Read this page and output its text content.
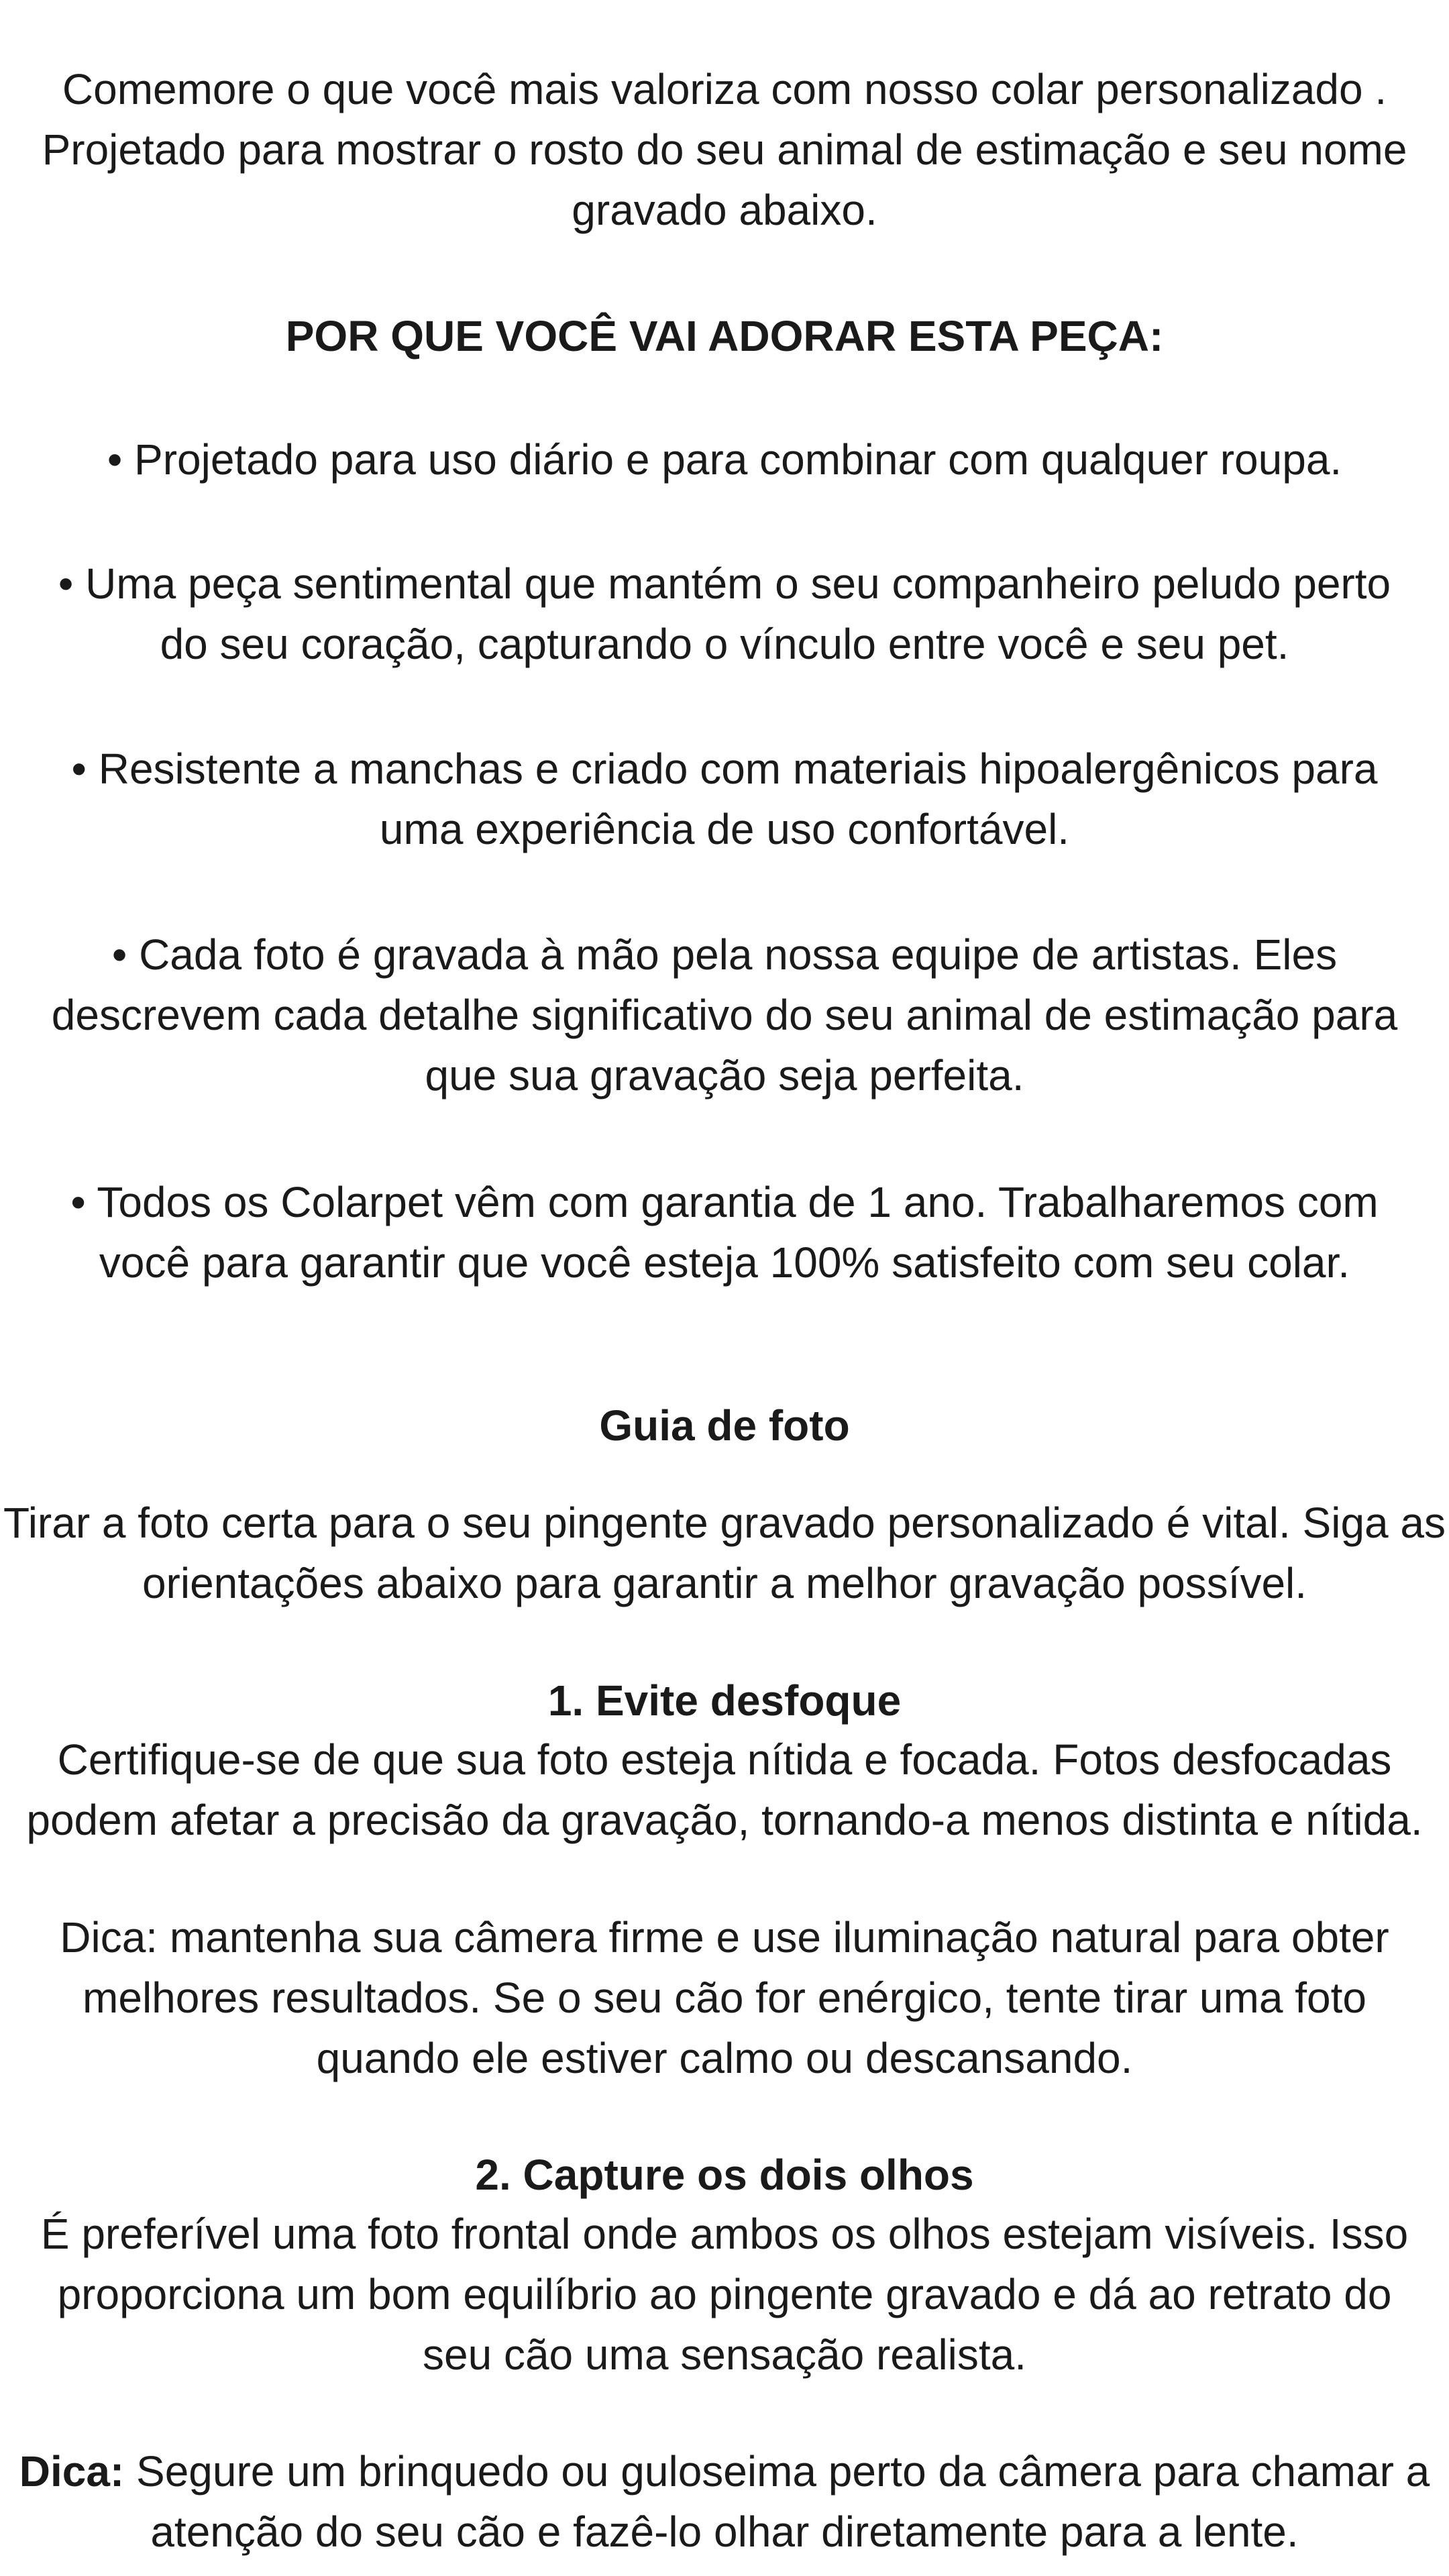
Comemore o que você mais valoriza com nosso colar personalizado .
Projetado para mostrar o rosto do seu animal de estimação e seu nome
gravado abaixo.
POR QUE VOCÊ VAI ADORAR ESTA PEÇA:
• Projetado para uso diário e para combinar com qualquer roupa.
• Uma peça sentimental que mantém o seu companheiro peludo perto
do seu coração, capturando o vínculo entre você e seu pet.
• Resistente a manchas e criado com materiais hipoalergênicos para
uma experiência de uso confortável.
• Cada foto é gravada à mão pela nossa equipe de artistas. Eles
descrevem cada detalhe significativo do seu animal de estimação para
que sua gravação seja perfeita.
• Todos os Colarpet vêm com garantia de 1 ano. Trabalharemos com
você para garantir que você esteja 100% satisfeito com seu colar.
Guia de foto
Tirar a foto certa para o seu pingente gravado personalizado é vital. Siga as
orientações abaixo para garantir a melhor gravação possível.
1. Evite desfoque
Certifique-se de que sua foto esteja nítida e focada. Fotos desfocadas
podem afetar a precisão da gravação, tornando-a menos distinta e nítida.
Dica: mantenha sua câmera firme e use iluminação natural para obter
melhores resultados. Se o seu cão for enérgico, tente tirar uma foto
quando ele estiver calmo ou descansando.
2. Capture os dois olhos
É preferível uma foto frontal onde ambos os olhos estejam visíveis. Isso
proporciona um bom equilíbrio ao pingente gravado e dá ao retrato do
seu cão uma sensação realista.
Dica: Segure um brinquedo ou guloseima perto da câmera para chamar a
atenção do seu cão e fazê-lo olhar diretamente para a lente.
